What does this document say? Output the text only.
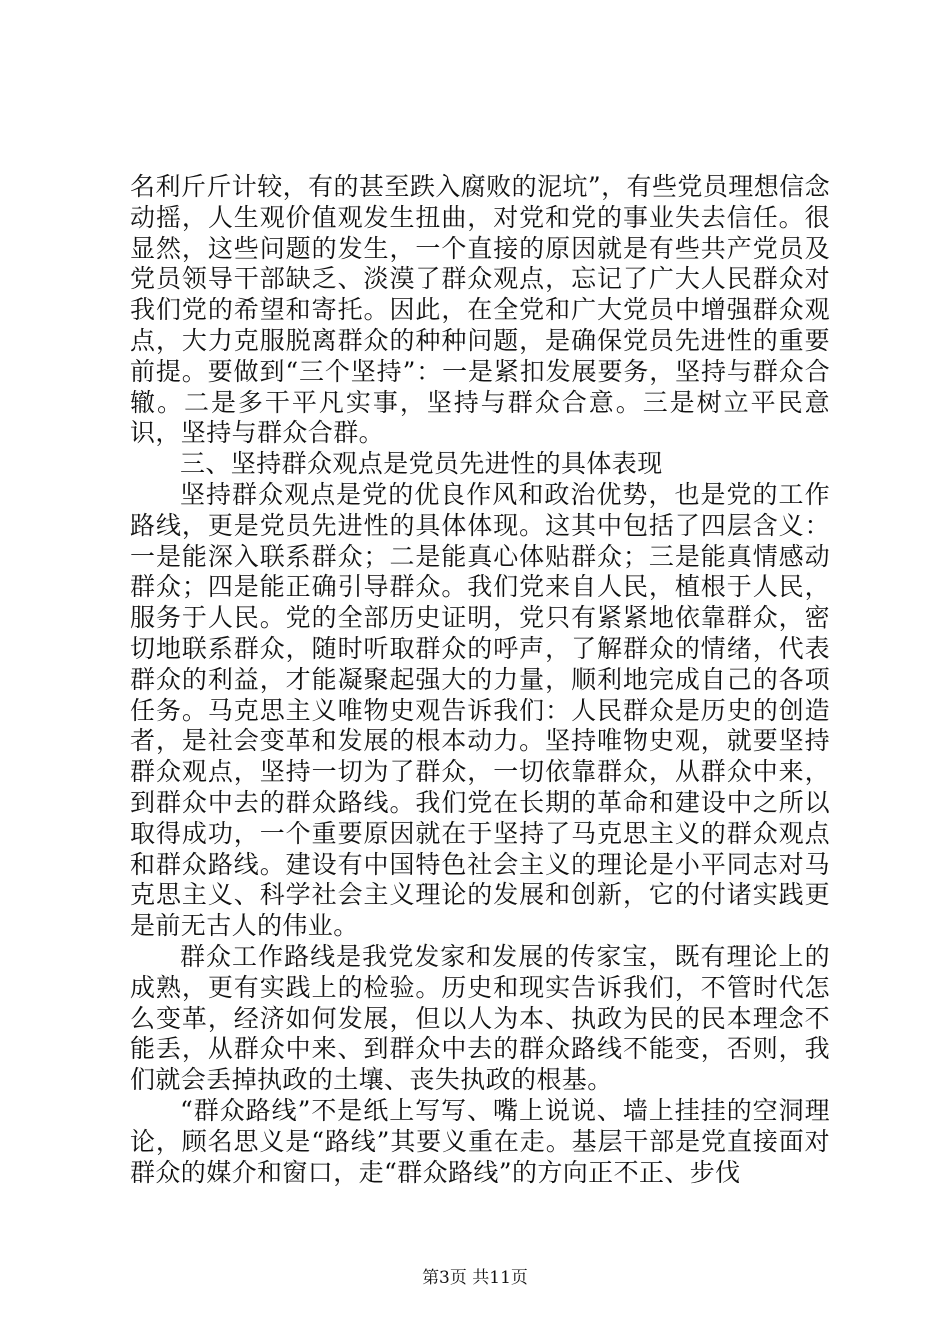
名利斤斤计较，有的甚至跌入腐败的泥坑”，有些党员理想信念动摇，人生观价值观发生扭曲，对党和党的事业失去信任。很显然，这些问题的发生，一个直接的原因就是有些共产党员及党员领导干部缺乏、淡漠了群众观点，忘记了广大人民群众对我们党的希望和寄托。因此，在全党和广大党员中增强群众观点，大力克服脱离群众的种种问题，是确保党员先进性的重要前提。要做到“三个坚持”：一是紧扣发展要务，坚持与群众合辙。二是多干平凡实事，坚持与群众合意。三是树立平民意识，坚持与群众合群。

三、坚持群众观点是党员先进性的具体表现

坚持群众观点是党的优良作风和政治优势，也是党的工作路线，更是党员先进性的具体体现。这其中包括了四层含义：一是能深入联系群众；二是能真心体贴群众；三是能真情感动群众；四是能正确引导群众。我们党来自人民，植根于人民，服务于人民。党的全部历史证明，党只有紧紧地依靠群众，密切地联系群众，随时听取群众的呼声，了解群众的情绪，代表群众的利益，才能凝聚起强大的力量，顺利地完成自己的各项任务。马克思主义唯物史观告诉我们：人民群众是历史的创造者，是社会变革和发展的根本动力。坚持唯物史观，就要坚持群众观点，坚持一切为了群众，一切依靠群众，从群众中来，到群众中去的群众路线。我们党在长期的革命和建设中之所以取得成功，一个重要原因就在于坚持了马克思主义的群众观点和群众路线。建设有中国特色社会主义的理论是小平同志对马克思主义、科学社会主义理论的发展和创新，它的付诸实践更是前无古人的伟业。

群众工作路线是我党发家和发展的传家宝，既有理论上的成熟，更有实践上的检验。历史和现实告诉我们，不管时代怎么变革，经济如何发展，但以人为本、执政为民的民本理念不能丢，从群众中来、到群众中去的群众路线不能变，否则，我们就会丢掉执政的土壤、丧失执政的根基。

“群众路线”不是纸上写写、嘴上说说、墙上挂挂的空洞理论，顾名思义是“路线”其要义重在走。基层干部是党直接面对群众的媒介和窗口，走“群众路线”的方向正不正、步伐

第3页 共11页
